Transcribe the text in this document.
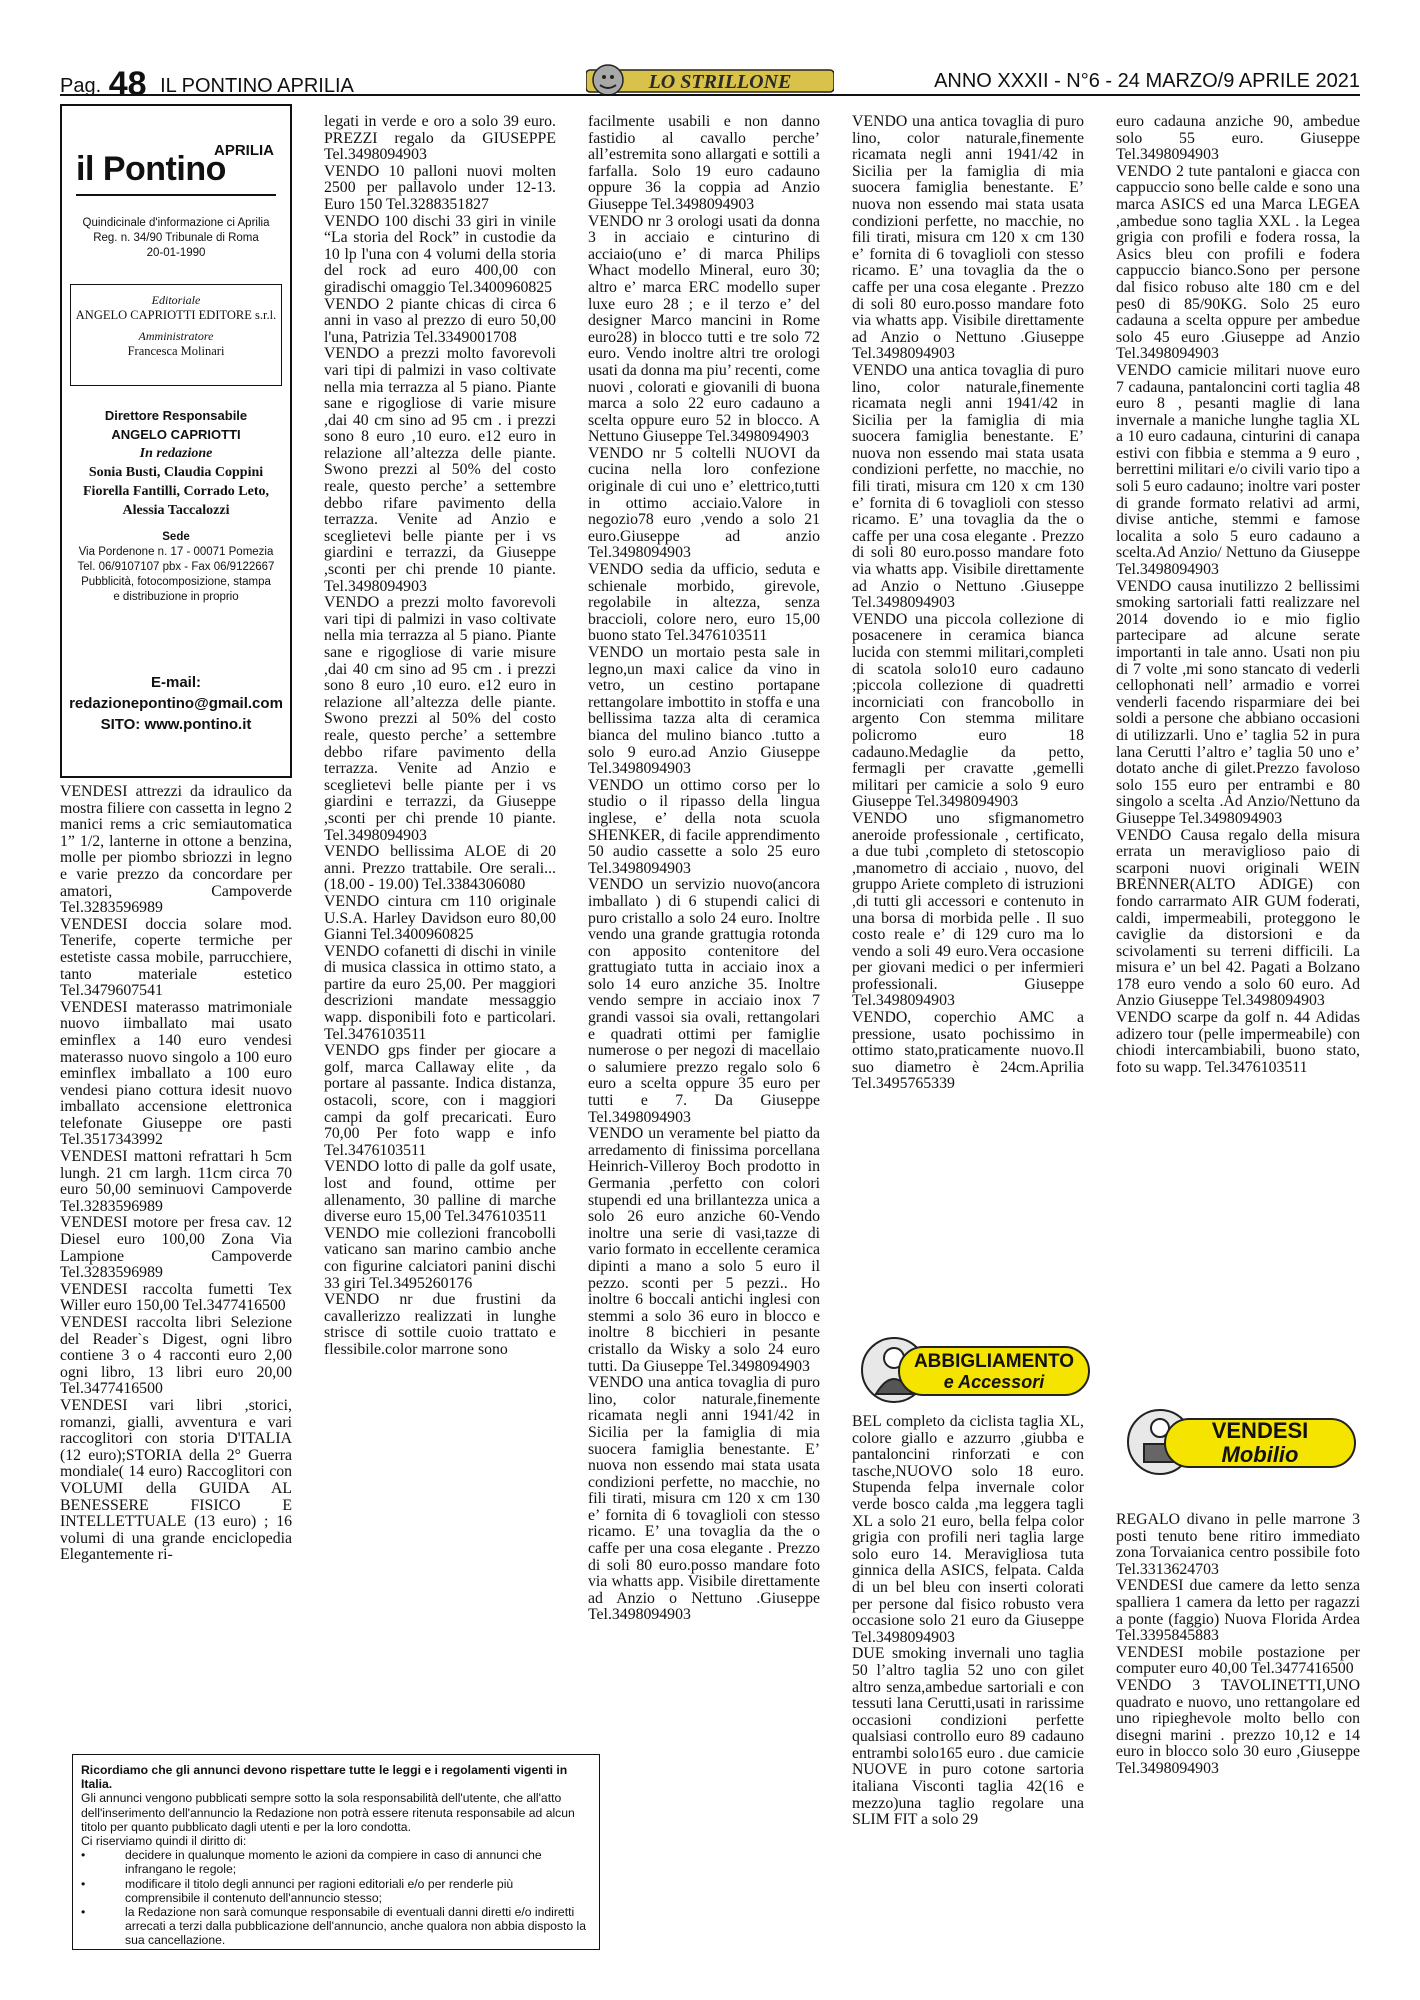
Pag. 48 IL PONTINO APRILIA	LO STRILLONE	ANNO XXXII - N°6 - 24 MARZO/9 APRILE 2021
APRILIA
il Pontino
Quindicinale d'informazione ci Aprilia
Reg. n. 34/90 Tribunale di Roma
20-01-1990
Editoriale
ANGELO CAPRIOTTI EDITORE s.r.l.
Amministratore
Francesca Molinari
Direttore Responsabile
ANGELO CAPRIOTTI
In redazione
Sonia Busti, Claudia Coppini
Fiorella Fantilli, Corrado Leto,
Alessia Taccalozzi
Sede
Via Pordenone n. 17 - 00071 Pomezia
Tel. 06/9107107 pbx - Fax 06/9122667
Pubblicità, fotocomposizione, stampa
e distribuzione in proprio
E-mail:
redazionepontino@gmail.com
SITO: www.pontino.it

VENDESI attrezzi da idraulico da mostra filiere con cassetta in legno 2 manici rems a cric semiautomatica 1” 1/2, lanterne in ottone a benzina, molle per piombo sbriozzi in legno e varie prezzo da concordare per amatori, Campoverde Tel.3283596989

VENDESI doccia solare mod. Tenerife, coperte termiche per estetiste cassa mobile, parrucchiere, tanto materiale estetico Tel.3479607541

VENDESI materasso matrimoniale nuovo iimballato mai usato eminflex a 140 euro vendesi materasso nuovo singolo a 100 euro eminflex imballato a 100 euro vendesi piano cottura idesit nuovo imballato accensione elettronica telefonate Giuseppe ore pasti Tel.3517343992

VENDESI mattoni refrattari h 5cm lungh. 21 cm largh. 11cm circa 70 euro 50,00 seminuovi Campoverde Tel.3283596989

VENDESI motore per fresa cav. 12 Diesel euro 100,00 Zona Via Lampione Campoverde Tel.3283596989

VENDESI raccolta fumetti Tex Willer euro 150,00 Tel.3477416500

VENDESI raccolta libri Selezione del Reader`s Digest, ogni libro contiene 3 o 4 racconti euro 2,00 ogni libro, 13 libri euro 20,00 Tel.3477416500

VENDESI vari libri ,storici, romanzi, gialli, avventura e vari raccoglitori con storia D'ITALIA (12 euro);STORIA della 2° Guerra mondiale( 14 euro) Raccoglitori con VOLUMI della GUIDA AL BENESSERE FISICO E INTELLETTUALE (13 euro) ; 16 volumi di una grande enciclopedia Elegantemente ri-

legati in verde e oro a solo 39 euro. PREZZI regalo da GIUSEPPE Tel.3498094903

VENDO 10 palloni nuovi molten 2500 per pallavolo under 12-13. Euro 150 Tel.3288351827

VENDO 100 dischi 33 giri in vinile “La storia del Rock” in custodie da 10 lp l'una con 4 volumi della storia del rock ad euro 400,00 con giradischi omaggio Tel.3400960825

VENDO 2 piante chicas di circa 6 anni in vaso al prezzo di euro 50,00 l'una, Patrizia Tel.3349001708

VENDO a prezzi molto favorevoli vari tipi di palmizi in vaso coltivate nella mia terrazza al 5 piano. Piante sane e rigogliose di varie misure ,dai 40 cm sino ad 95 cm . i prezzi sono 8 euro ,10 euro. e12 euro in relazione all’altezza delle piante. Swono prezzi al 50% del costo reale, questo perche’ a settembre debbo rifare pavimento della terrazza. Venite ad Anzio e sceglietevi belle piante per i vs giardini e terrazzi, da Giuseppe ,sconti per chi prende 10 piante. Tel.3498094903

VENDO a prezzi molto favorevoli vari tipi di palmizi in vaso coltivate nella mia terrazza al 5 piano. Piante sane e rigogliose di varie misure ,dai 40 cm sino ad 95 cm . i prezzi sono 8 euro ,10 euro. e12 euro in relazione all’altezza delle piante. Swono prezzi al 50% del costo reale, questo perche’ a settembre debbo rifare pavimento della terrazza. Venite ad Anzio e sceglietevi belle piante per i vs giardini e terrazzi, da Giuseppe ,sconti per chi prende 10 piante. Tel.3498094903

VENDO bellissima ALOE di 20 anni. Prezzo trattabile. Ore serali... (18.00 - 19.00) Tel.3384306080

VENDO cintura cm 110 originale U.S.A. Harley Davidson euro 80,00 Gianni Tel.3400960825

VENDO cofanetti di dischi in vinile di musica classica in ottimo stato, a partire da euro 25,00. Per maggiori descrizioni mandate messaggio wapp. disponibili foto e particolari. Tel.3476103511

VENDO gps finder per giocare a golf, marca Callaway elite , da portare al passante. Indica distanza, ostacoli, score, con i maggiori campi da golf precaricati. Euro 70,00 Per foto wapp e info Tel.3476103511

VENDO lotto di palle da golf usate, lost and found, ottime per allenamento, 30 palline di marche diverse euro 15,00 Tel.3476103511

VENDO mie collezioni francobolli vaticano san marino cambio anche con figurine calciatori panini dischi 33 giri Tel.3495260176

VENDO nr due frustini da cavallerizzo realizzati in lunghe strisce di sottile cuoio trattato e flessibile.color marrone sono

facilmente usabili e non danno fastidio al cavallo perche’ all’estremita sono allargati e sottili a farfalla. Solo 19 euro cadauno oppure 36 la coppia ad Anzio Giuseppe Tel.3498094903

VENDO nr 3 orologi usati da donna 3 in acciaio e cinturino di acciaio(uno e’ di marca Philips Whact modello Mineral, euro 30; altro e’ marca ERC modello super luxe euro 28 ; e il terzo e’ del designer Marco mancini in Rome euro28) in blocco tutti e tre solo 72 euro. Vendo inoltre altri tre orologi usati da donna ma piu’ recenti, come nuovi , colorati e giovanili di buona marca a solo 22 euro cadauno a scelta oppure euro 52 in blocco. A Nettuno Giuseppe Tel.3498094903

VENDO nr 5 coltelli NUOVI da cucina nella loro confezione originale di cui uno e’ elettrico,tutti in ottimo acciaio.Valore in negozio78 euro ,vendo a solo 21 euro.Giuseppe ad anzio Tel.3498094903

VENDO sedia da ufficio, seduta e schienale morbido, girevole, regolabile in altezza, senza braccioli, colore nero, euro 15,00 buono stato Tel.3476103511

VENDO un mortaio pesta sale in legno,un maxi calice da vino in vetro, un cestino portapane rettangolare imbottito in stoffa e una bellissima tazza alta di ceramica bianca del mulino bianco .tutto a solo 9 euro.ad Anzio Giuseppe Tel.3498094903

VENDO un ottimo corso per lo studio o il ripasso della lingua inglese, e’ della nota scuola SHENKER, di facile apprendimento 50 audio cassette a solo 25 euro Tel.3498094903

VENDO un servizio nuovo(ancora imballato ) di 6 stupendi calici di puro cristallo a solo 24 euro. Inoltre vendo una grande grattugia rotonda con apposito contenitore del grattugiato tutta in acciaio inox a solo 14 euro anziche 35. Inoltre vendo sempre in acciaio inox 7 grandi vassoi sia ovali, rettangolari e quadrati ottimi per famiglie numerose o per negozi di macellaio o salumiere prezzo regalo solo 6 euro a scelta oppure 35 euro per tutti e 7. Da Giuseppe Tel.3498094903

VENDO un veramente bel piatto da arredamento di finissima porcellana Heinrich-Villeroy Boch prodotto in Germania ,perfetto con colori stupendi ed una brillantezza unica a solo 26 euro anziche 60-Vendo inoltre una serie di vasi,tazze di vario formato in eccellente ceramica dipinti a mano a solo 5 euro il pezzo. sconti per 5 pezzi.. Ho inoltre 6 boccali antichi inglesi con stemmi a solo 36 euro in blocco e inoltre 8 bicchieri in pesante cristallo da Wisky a solo 24 euro tutti. Da Giuseppe Tel.3498094903

VENDO una antica tovaglia di puro lino, color naturale,finemente ricamata negli anni 1941/42 in Sicilia per la famiglia di mia suocera famiglia benestante. E’ nuova non essendo mai stata usata condizioni perfette, no macchie, no fili tirati, misura cm 120 x cm 130 e’ fornita di 6 tovaglioli con stesso ricamo. E’ una tovaglia da the o caffe per una cosa elegante . Prezzo di soli 80 euro.posso mandare foto via whatts app. Visibile direttamente ad Anzio o Nettuno .Giuseppe Tel.3498094903

VENDO una antica tovaglia di puro lino, color naturale,finemente ricamata negli anni 1941/42 in Sicilia per la famiglia di mia suocera famiglia benestante. E’ nuova non essendo mai stata usata condizioni perfette, no macchie, no fili tirati, misura cm 120 x cm 130 e’ fornita di 6 tovaglioli con stesso ricamo. E’ una tovaglia da the o caffe per una cosa elegante . Prezzo di soli 80 euro.posso mandare foto via whatts app. Visibile direttamente ad Anzio o Nettuno .Giuseppe Tel.3498094903

VENDO una antica tovaglia di puro lino, color naturale,finemente ricamata negli anni 1941/42 in Sicilia per la famiglia di mia suocera famiglia benestante. E’ nuova non essendo mai stata usata condizioni perfette, no macchie, no fili tirati, misura cm 120 x cm 130 e’ fornita di 6 tovaglioli con stesso ricamo. E’ una tovaglia da the o caffe per una cosa elegante . Prezzo di soli 80 euro.posso mandare foto via whatts app. Visibile direttamente ad Anzio o Nettuno .Giuseppe Tel.3498094903

VENDO una piccola collezione di posacenere in ceramica bianca lucida con stemmi militari,completi di scatola solo10 euro cadauno ;piccola collezione di quadretti incorniciati con francobollo in argento Con stemma militare policromo euro 18 cadauno.Medaglie da petto, fermagli per cravatte ,gemelli militari per camicie a solo 9 euro Giuseppe Tel.3498094903

VENDO uno sfigmanometro aneroide professionale , certificato, a due tubi ,completo di stetoscopio ,manometro di acciaio , nuovo, del gruppo Ariete completo di istruzioni ,di tutti gli accessori e contenuto in una borsa di morbida pelle . Il suo costo reale e’ di 129 curo ma lo vendo a soli 49 euro.Vera occasione per giovani medici o per infermieri professionali. Giuseppe Tel.3498094903

VENDO, coperchio AMC a pressione, usato pochissimo in ottimo stato,praticamente nuovo.Il suo diametro è 24cm.Aprilia Tel.3495765339

ABBIGLIAMENTO
e Accessori

BEL completo da ciclista taglia XL, colore giallo e azzurro ,giubba e pantaloncini rinforzati e con tasche,NUOVO solo 18 euro. Stupenda felpa invernale color verde bosco calda ,ma leggera tagli XL a solo 21 euro, bella felpa color grigia con profili neri taglia large solo euro 14. Meravigliosa tuta ginnica della ASICS, felpata. Calda di un bel bleu con inserti colorati per persone dal fisico robusto vera occasione solo 21 euro da Giuseppe Tel.3498094903

DUE smoking invernali uno taglia 50 l’altro taglia 52 uno con gilet altro senza,ambedue sartoriali e con tessuti lana Cerutti,usati in rarissime occasioni condizioni perfette qualsiasi controllo euro 89 cadauno entrambi solo165 euro . due camicie NUOVE in puro cotone sartoria italiana Visconti taglia 42(16 e mezzo)una taglio regolare una SLIM FIT a solo 29

euro cadauna anziche 90, ambedue solo 55 euro. Giuseppe Tel.3498094903

VENDO 2 tute pantaloni e giacca con cappuccio sono belle calde e sono una marca ASICS ed una Marca LEGEA ,ambedue sono taglia XXL . la Legea grigia con profili e fodera rossa, la Asics bleu con profili e fodera cappuccio bianco.Sono per persone dal fisico robuso alte 180 cm e del pes0 di 85/90KG. Solo 25 euro cadauna a scelta oppure per ambedue solo 45 euro .Giuseppe ad Anzio Tel.3498094903

VENDO camicie militari nuove euro 7 cadauna, pantaloncini corti taglia 48 euro 8 , pesanti maglie di lana invernale a maniche lunghe taglia XL a 10 euro cadauna, cinturini di canapa estivi con fibbia e stemma a 9 euro , berrettini militari e/o civili vario tipo a soli 5 euro cadauno; inoltre vari poster di grande formato relativi ad armi, divise antiche, stemmi e famose localita a solo 5 euro cadauno a scelta.Ad Anzio/ Nettuno da Giuseppe Tel.3498094903

VENDO causa inutilizzo 2 bellissimi smoking sartoriali fatti realizzare nel 2014 dovendo io e mio figlio partecipare ad alcune serate importanti in tale anno. Usati non piu di 7 volte ,mi sono stancato di vederli cellophonati nell’ armadio e vorrei venderli facendo risparmiare dei bei soldi a persone che abbiano occasioni di utilizzarli. Uno e’ taglia 52 in pura lana Cerutti l’altro e’ taglia 50 uno e’ dotato anche di gilet.Prezzo favoloso solo 155 euro per entrambi e 80 singolo a scelta .Ad Anzio/Nettuno da Giuseppe Tel.3498094903

VENDO Causa regalo della misura errata un meraviglioso paio di scarponi nuovi originali WEIN BRENNER(ALTO ADIGE) con fondo carrarmato AIR GUM foderati, caldi, impermeabili, proteggono le caviglie da distorsioni e da scivolamenti su terreni difficili. La misura e’ un bel 42. Pagati a Bolzano 178 euro vendo a solo 60 euro. Ad Anzio Giuseppe Tel.3498094903

VENDO scarpe da golf n. 44 Adidas adizero tour (pelle impermeabile) con chiodi intercambiabili, buono stato, foto su wapp. Tel.3476103511

VENDESI
Mobilio

REGALO divano in pelle marrone 3 posti tenuto bene ritiro immediato zona Torvaianica centro possibile foto Tel.3313624703

VENDESI due camere da letto senza spalliera 1 camera da letto per ragazzi a ponte (faggio) Nuova Florida Ardea Tel.3395845883

VENDESI mobile postazione per computer euro 40,00 Tel.3477416500

VENDO 3 TAVOLINETTI,UNO quadrato e nuovo, uno rettangolare ed uno ripieghevole molto bello con disegni marini . prezzo 10,12 e 14 euro in blocco solo 30 euro ,Giuseppe Tel.3498094903

Ricordiamo che gli annunci devono rispettare tutte le leggi e i regolamenti vigenti in Italia.
Gli annunci vengono pubblicati sempre sotto la sola responsabilità dell'utente, che all'atto dell'inserimento dell'annuncio la Redazione non potrà essere ritenuta responsabile ad alcun titolo per quanto pubblicato dagli utenti e per la loro condotta.
Ci riserviamo quindi il diritto di:
•	decidere in qualunque momento le azioni da compiere in caso di annunci che infrangano le regole;
•	modificare il titolo degli annunci per ragioni editoriali e/o per renderle più comprensibile il contenuto dell'annuncio stesso;
•	la Redazione non sarà comunque responsabile di eventuali danni diretti e/o indiretti arrecati a terzi dalla pubblicazione dell'annuncio, anche qualora non abbia disposto la sua cancellazione.
